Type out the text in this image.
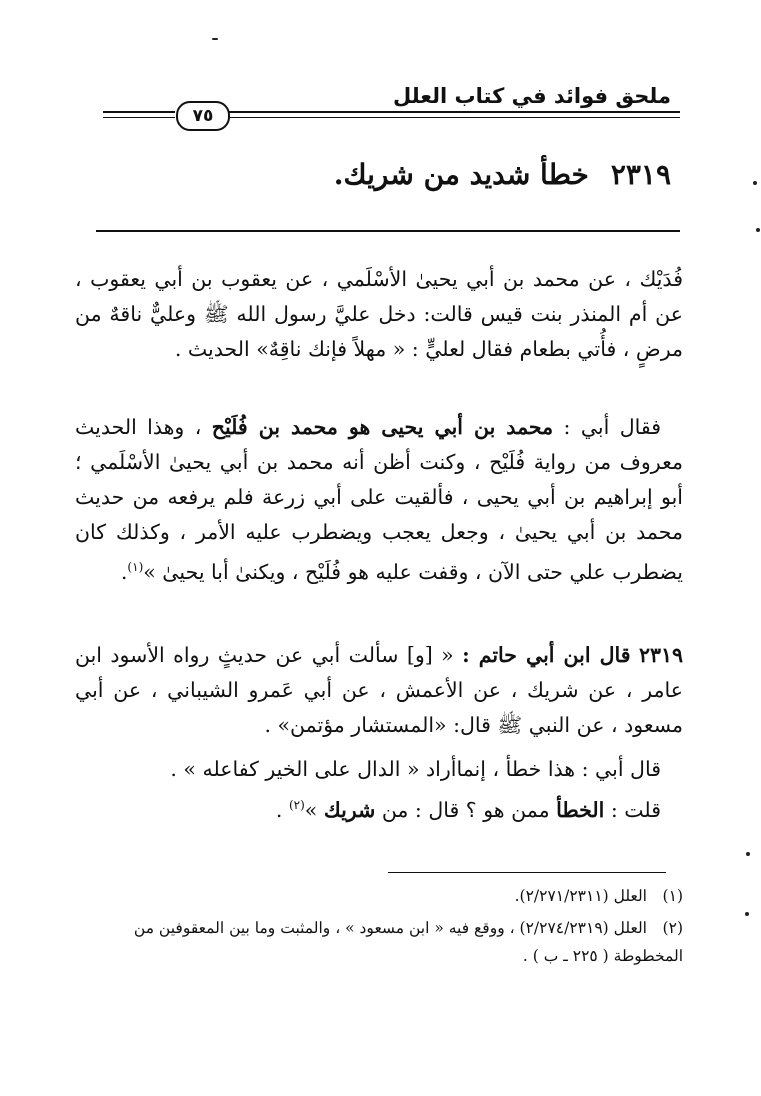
ملحق فوائد في كتاب العلل
٧٥
٢٣١٩خطأ شديد من شريك.
فُدَيْك ، عن محمد بن أبي يحيىٰ الأسْلَمي ، عن يعقوب بن أبي يعقوب ، عن أم المنذر بنت قيس قالت: دخل عليَّ رسول الله ﷺ وعليٌّ ناقهٌ من مرضٍ ، فأُتي بطعام فقال لعليٍّ : « مهلاً فإنك ناقِهٌ» الحديث .
فقال أبي : محمد بن أبي يحيى هو محمد بن فُلَيْح ، وهذا الحديث معروف من رواية فُلَيْح ، وكنت أظن أنه محمد بن أبي يحيىٰ الأسْلَمي ؛ أبو إبراهيم بن أبي يحيى ، فألقيت على أبي زرعة فلم يرفعه من حديث محمد بن أبي يحيىٰ ، وجعل يعجب ويضطرب عليه الأمر ، وكذلك كان يضطرب علي حتى الآن ، وقفت عليه هو فُلَيْح ، ويكنىٰ أبا يحيىٰ »$^{(١)}$.
٢٣١٩ قال ابن أبي حاتم : « [و] سألت أبي عن حديثٍ رواه الأسود ابن عامر ، عن شريك ، عن الأعمش ، عن أبي عَمرو الشيباني ، عن أبي مسعود ، عن النبي ﷺ قال: «المستشار مؤتمن» .
قال أبي : هذا خطأ ، إنماأراد « الدال على الخير كفاعله » .
قلت : الخطأ ممن هو ؟ قال : من شريك »$^{(٢)}$ .
(١)العلل (٢/٢٧١/٢٣١١).
(٢)العلل (٢/٢٧٤/٢٣١٩) ، ووقع فيه « ابن مسعود » ، والمثبت وما بين المعقوفين من المخطوطة ( ٢٢٥ ـ ب ) .
